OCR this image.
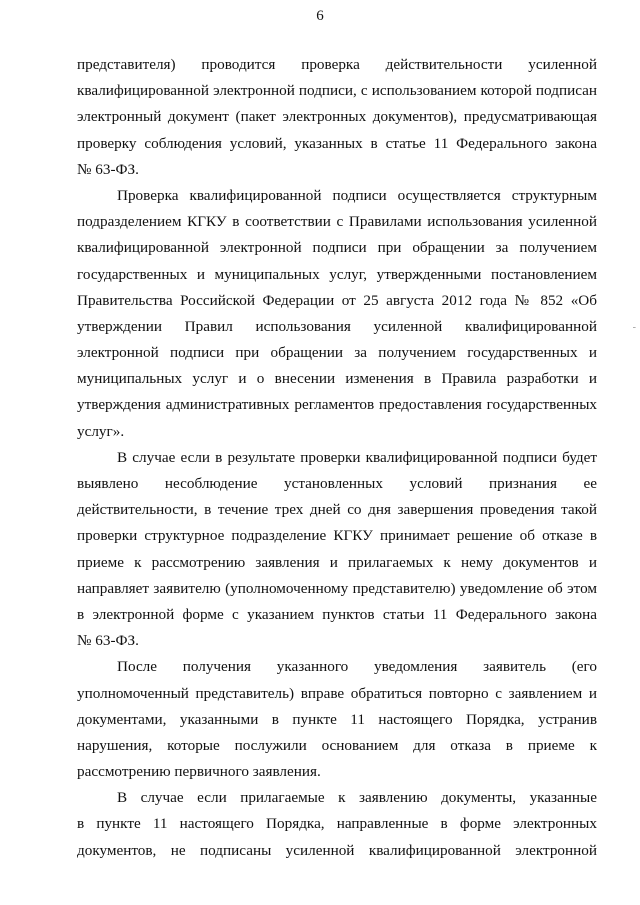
6
представителя) проводится проверка действительности усиленной
квалифицированной электронной подписи, с использованием которой подписан
электронный документ (пакет электронных документов), предусматривающая
проверку соблюдения условий, указанных в статье 11 Федерального закона
№ 63-ФЗ.
Проверка квалифицированной подписи осуществляется структурным
подразделением КГКУ в соответствии с Правилами использования усиленной
квалифицированной электронной подписи при обращении за получением
государственных и муниципальных услуг, утвержденными постановлением
Правительства Российской Федерации от 25 августа 2012 года № 852 «Об
утверждении Правил использования усиленной квалифицированной
электронной подписи при обращении за получением государственных и
муниципальных услуг и о внесении изменения в Правила разработки и
утверждения административных регламентов предоставления государственных
услуг».
В случае если в результате проверки квалифицированной подписи будет
выявлено несоблюдение установленных условий признания ее
действительности, в течение трех дней со дня завершения проведения такой
проверки структурное подразделение КГКУ принимает решение об отказе в
приеме к рассмотрению заявления и прилагаемых к нему документов и
направляет заявителю (уполномоченному представителю) уведомление об этом
в электронной форме с указанием пунктов статьи 11 Федерального закона
№ 63-ФЗ.
После получения указанного уведомления заявитель (его
уполномоченный представитель) вправе обратиться повторно с заявлением и
документами, указанными в пункте 11 настоящего Порядка, устранив
нарушения, которые послужили основанием для отказа в приеме к
рассмотрению первичного заявления.
В случае если прилагаемые к заявлению документы, указанные
в пункте 11 настоящего Порядка, направленные в форме электронных
документов, не подписаны усиленной квалифицированной электронной
-
